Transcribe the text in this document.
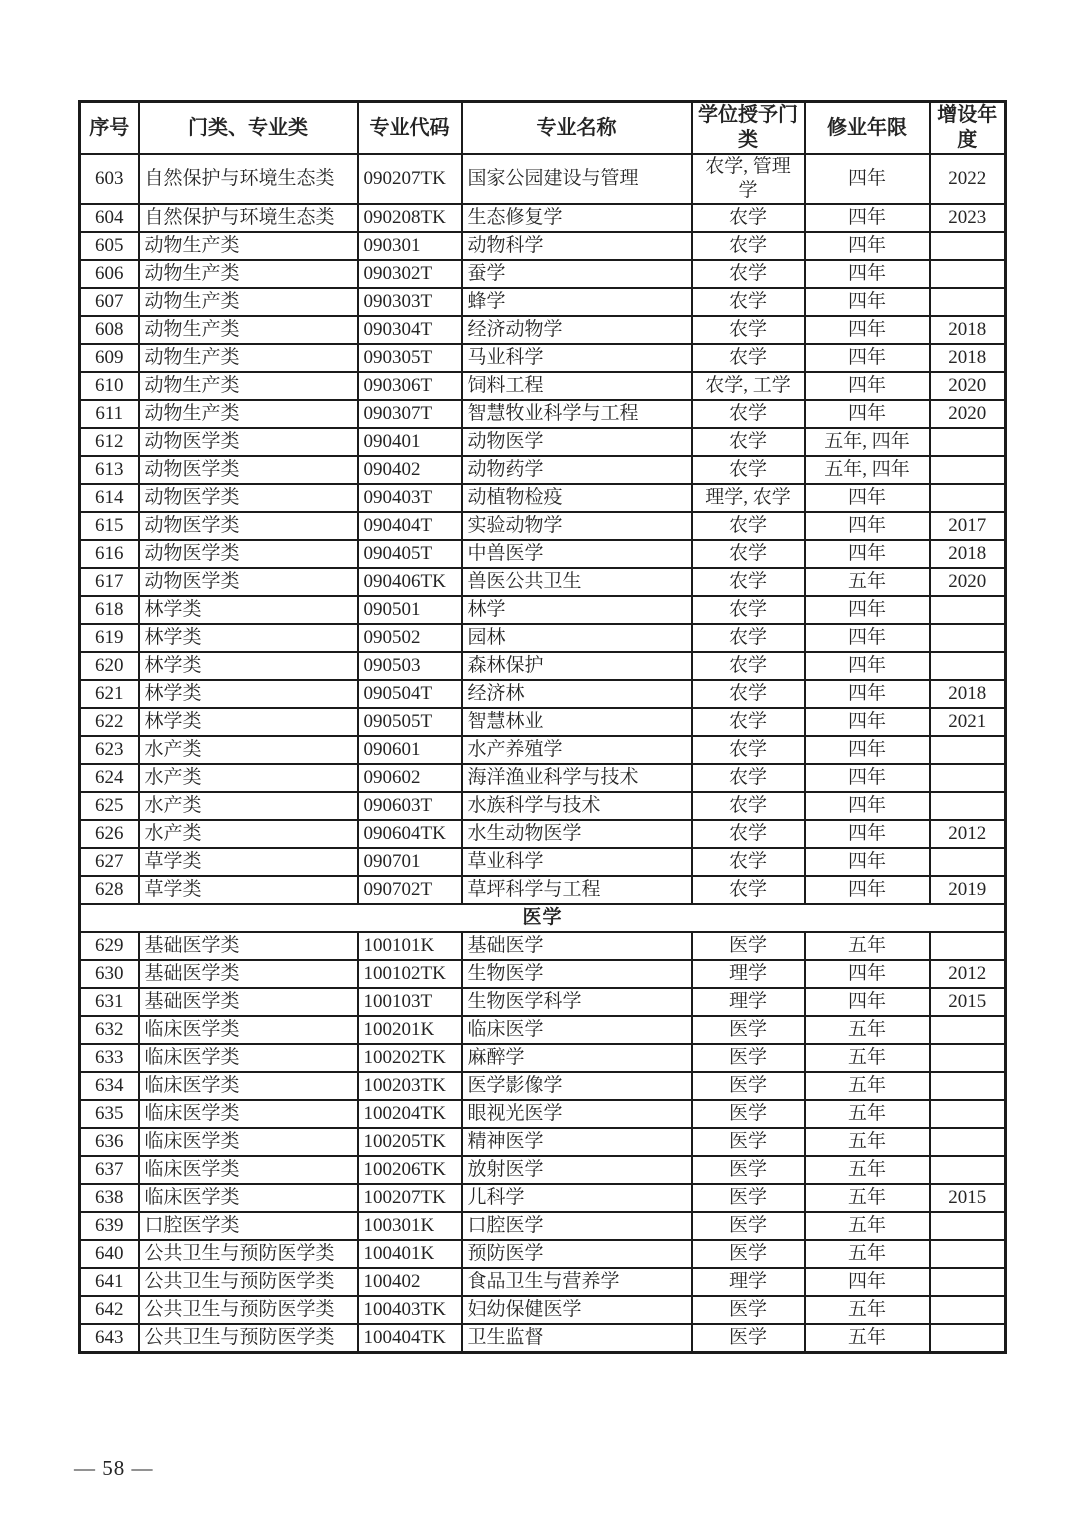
序号	门类、专业类	专业代码	专业名称	学位授予门类	修业年限	增设年度
603	自然保护与环境生态类	090207TK	国家公园建设与管理	农学, 管理学	四年	2022
604	自然保护与环境生态类	090208TK	生态修复学	农学	四年	2023
605	动物生产类	090301	动物科学	农学	四年	
606	动物生产类	090302T	蚕学	农学	四年	
607	动物生产类	090303T	蜂学	农学	四年	
608	动物生产类	090304T	经济动物学	农学	四年	2018
609	动物生产类	090305T	马业科学	农学	四年	2018
610	动物生产类	090306T	饲料工程	农学, 工学	四年	2020
611	动物生产类	090307T	智慧牧业科学与工程	农学	四年	2020
612	动物医学类	090401	动物医学	农学	五年, 四年	
613	动物医学类	090402	动物药学	农学	五年, 四年	
614	动物医学类	090403T	动植物检疫	理学, 农学	四年	
615	动物医学类	090404T	实验动物学	农学	四年	2017
616	动物医学类	090405T	中兽医学	农学	四年	2018
617	动物医学类	090406TK	兽医公共卫生	农学	五年	2020
618	林学类	090501	林学	农学	四年	
619	林学类	090502	园林	农学	四年	
620	林学类	090503	森林保护	农学	四年	
621	林学类	090504T	经济林	农学	四年	2018
622	林学类	090505T	智慧林业	农学	四年	2021
623	水产类	090601	水产养殖学	农学	四年	
624	水产类	090602	海洋渔业科学与技术	农学	四年	
625	水产类	090603T	水族科学与技术	农学	四年	
626	水产类	090604TK	水生动物医学	农学	四年	2012
627	草学类	090701	草业科学	农学	四年	
628	草学类	090702T	草坪科学与工程	农学	四年	2019
医学						
629	基础医学类	100101K	基础医学	医学	五年	
630	基础医学类	100102TK	生物医学	理学	四年	2012
631	基础医学类	100103T	生物医学科学	理学	四年	2015
632	临床医学类	100201K	临床医学	医学	五年	
633	临床医学类	100202TK	麻醉学	医学	五年	
634	临床医学类	100203TK	医学影像学	医学	五年	
635	临床医学类	100204TK	眼视光医学	医学	五年	
636	临床医学类	100205TK	精神医学	医学	五年	
637	临床医学类	100206TK	放射医学	医学	五年	
638	临床医学类	100207TK	儿科学	医学	五年	2015
639	口腔医学类	100301K	口腔医学	医学	五年	
640	公共卫生与预防医学类	100401K	预防医学	医学	五年	
641	公共卫生与预防医学类	100402	食品卫生与营养学	理学	四年	
642	公共卫生与预防医学类	100403TK	妇幼保健医学	医学	五年	
643	公共卫生与预防医学类	100404TK	卫生监督	医学	五年	
— 58 —
